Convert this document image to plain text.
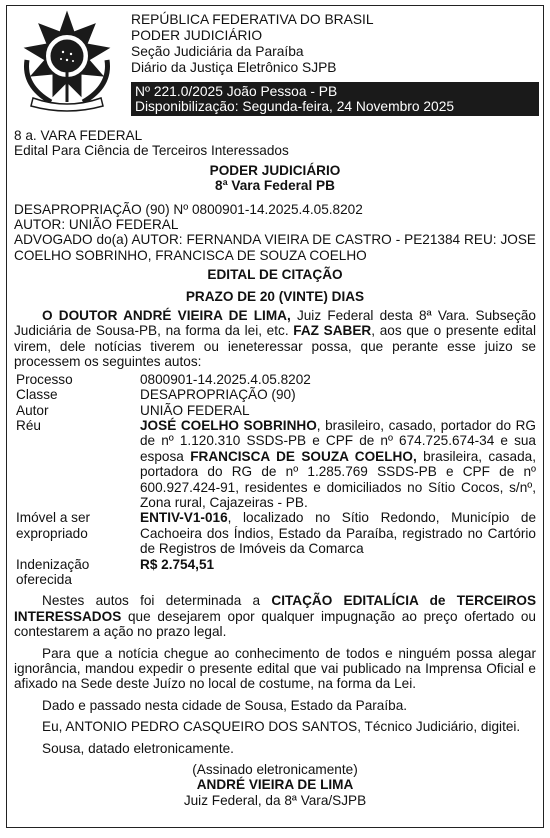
REPÚBLICA FEDERATIVA DO BRASIL
PODER JUDICIÁRIO
Seção Judiciária da Paraíba
Diário da Justiça Eletrônico SJPB
Nº 221.0/2025 João Pessoa - PB
Disponibilização: Segunda-feira, 24 Novembro 2025
8 a. VARA FEDERAL
Edital Para Ciência de Terceiros Interessados
PODER JUDICIÁRIO
8ª Vara Federal PB
DESAPROPRIAÇÃO (90) Nº 0800901-14.2025.4.05.8202
AUTOR: UNIÃO FEDERAL
ADVOGADO do(a) AUTOR: FERNANDA VIEIRA DE CASTRO - PE21384 REU: JOSE COELHO SOBRINHO, FRANCISCA DE SOUZA COELHO
EDITAL DE CITAÇÃO
PRAZO DE 20 (VINTE) DIAS

O DOUTOR ANDRÉ VIEIRA DE LIMA, Juiz Federal desta 8ª Vara. Subseção Judiciária de Sousa-PB, na forma da lei, etc. FAZ SABER, aos que o presente edital virem, dele notícias tiverem ou ieneteressar possa, que perante esse juizo se processem os seguintes autos:

Processo	0800901-14.2025.4.05.8202
Classe	DESAPROPRIAÇÃO (90)
Autor	UNIÃO FEDERAL
Réu	JOSÉ COELHO SOBRINHO, brasileiro, casado, portador do RG de nº 1.120.310 SSDS-PB e CPF de nº 674.725.674-34 e sua esposa FRANCISCA DE SOUZA COELHO, brasileira, casada, portadora do RG de nº 1.285.769 SSDS-PB e CPF de nº 600.927.424-91, residentes e domiciliados no Sítio Cocos, s/nº, Zona rural, Cajazeiras - PB.
Imóvel a ser expropriado	ENTIV-V1-016, localizado no Sítio Redondo, Município de Cachoeira dos Índios, Estado da Paraíba, registrado no Cartório de Registros de Imóveis da Comarca
Indenização oferecida	R$ 2.754,51

Nestes autos foi determinada a CITAÇÃO EDITALÍCIA de TERCEIROS INTERESSADOS que desejarem opor qualquer impugnação ao preço ofertado ou contestarem a ação no prazo legal.

Para que a notícia chegue ao conhecimento de todos e ninguém possa alegar ignorância, mandou expedir o presente edital que vai publicado na Imprensa Oficial e afixado na Sede deste Juízo no local de costume, na forma da Lei.

Dado e passado nesta cidade de Sousa, Estado da Paraíba.

Eu, ANTONIO PEDRO CASQUEIRO DOS SANTOS, Técnico Judiciário, digitei.

Sousa, datado eletronicamente.

(Assinado eletronicamente)
ANDRÉ VIEIRA DE LIMA
Juiz Federal, da 8ª Vara/SJPB
